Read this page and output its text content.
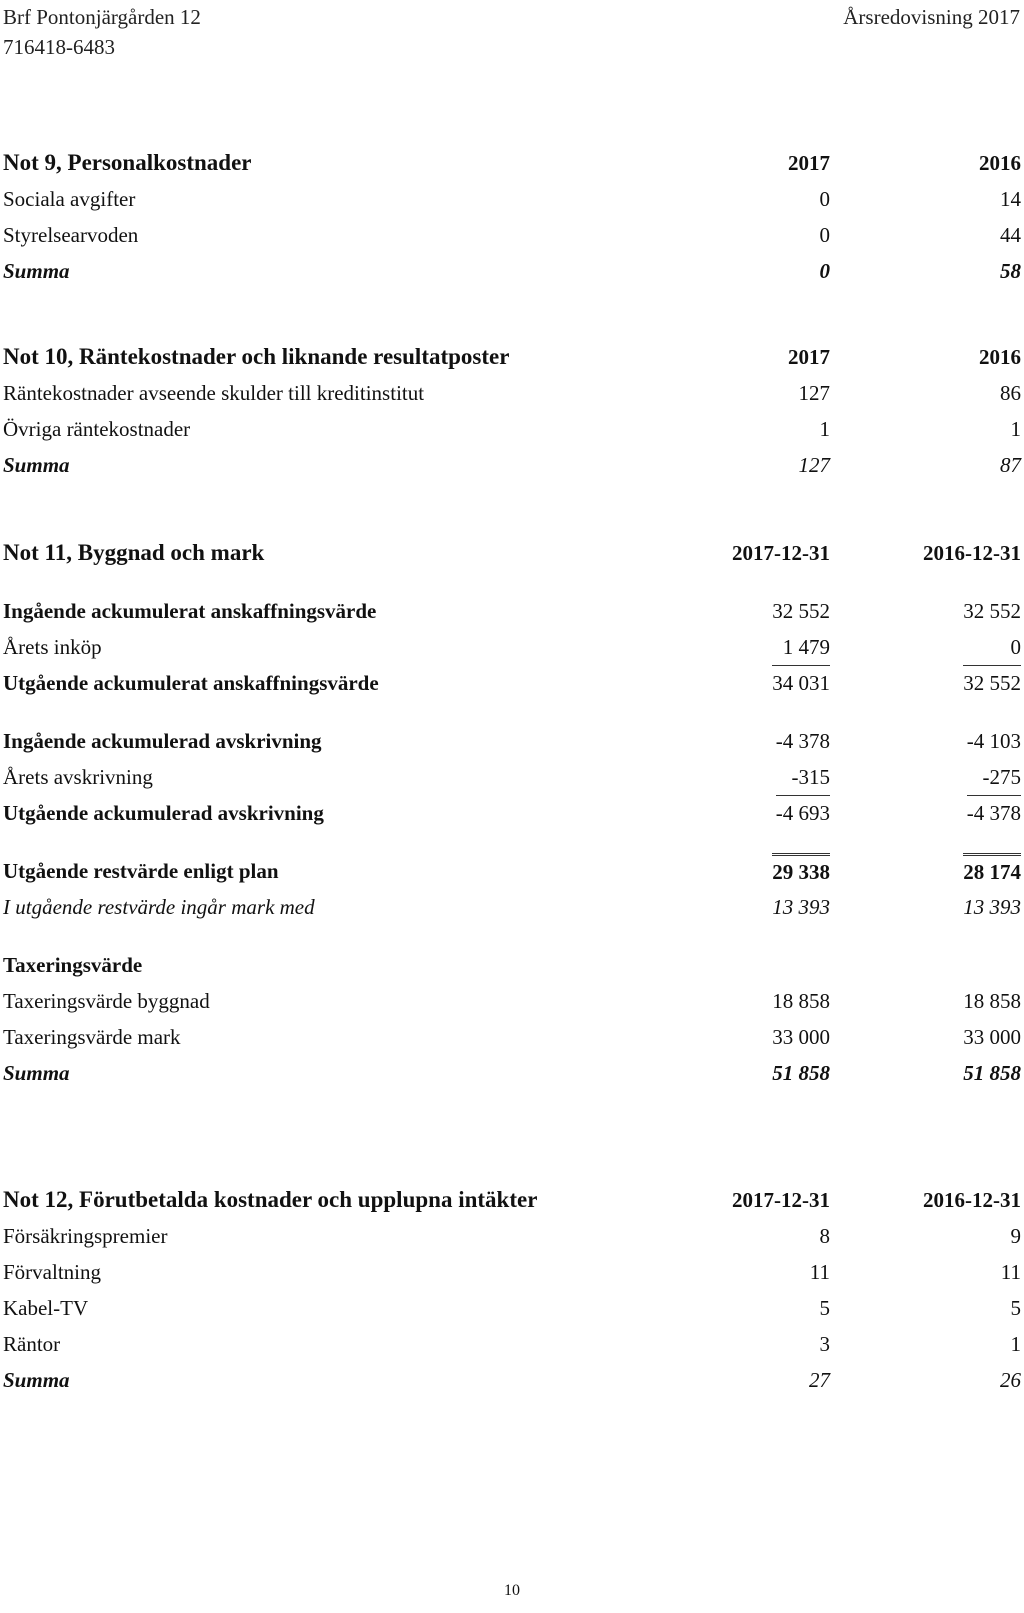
Brf Pontonjärgården 12
716418-6483
Årsredovisning 2017
Not 9, Personalkostnader	2017	2016
Sociala avgifter	0	14
Styrelsearvoden	0	44
Summa	0	58
Not 10, Räntekostnader och liknande resultatposter	2017	2016
Räntekostnader avseende skulder till kreditinstitut	127	86
Övriga räntekostnader	1	1
Summa	127	87
Not 11, Byggnad och mark	2017-12-31	2016-12-31
Ingående ackumulerat anskaffningsvärde	32 552	32 552
Årets inköp	1 479	0
Utgående ackumulerat anskaffningsvärde	34 031	32 552
Ingående ackumulerad avskrivning	-4 378	-4 103
Årets avskrivning	-315	-275
Utgående ackumulerad avskrivning	-4 693	-4 378
Utgående restvärde enligt plan	29 338	28 174
I utgående restvärde ingår mark med	13 393	13 393
Taxeringsvärde
Taxeringsvärde byggnad	18 858	18 858
Taxeringsvärde mark	33 000	33 000
Summa	51 858	51 858
Not 12, Förutbetalda kostnader och upplupna intäkter	2017-12-31	2016-12-31
Försäkringspremier	8	9
Förvaltning	11	11
Kabel-TV	5	5
Räntor	3	1
Summa	27	26
10
